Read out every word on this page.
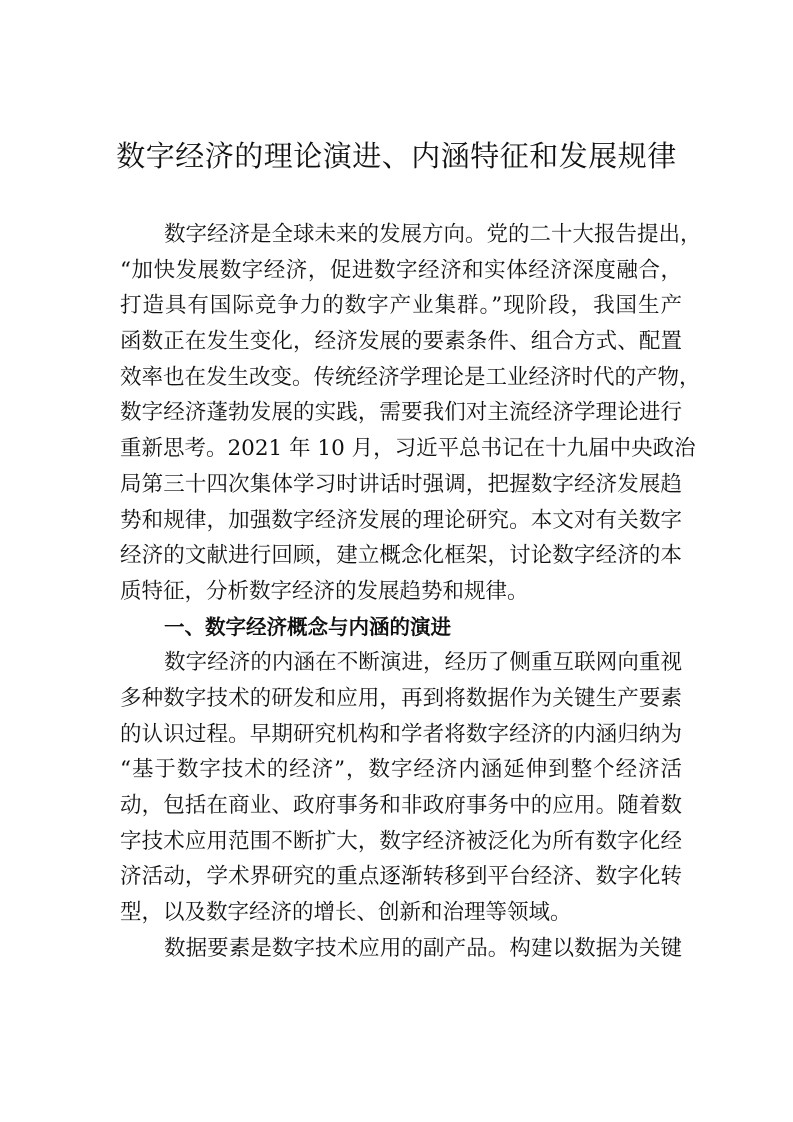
数字经济的理论演进、内涵特征和发展规律
数字经济是全球未来的发展方向。党的二十大报告提出，
“加快发展数字经济，促进数字经济和实体经济深度融合，
打造具有国际竞争力的数字产业集群。”现阶段，我国生产
函数正在发生变化，经济发展的要素条件、组合方式、配置
效率也在发生改变。传统经济学理论是工业经济时代的产物，
数字经济蓬勃发展的实践，需要我们对主流经济学理论进行
重新思考。2021 年 10 月，习近平总书记在十九届中央政治
局第三十四次集体学习时讲话时强调，把握数字经济发展趋
势和规律，加强数字经济发展的理论研究。本文对有关数字
经济的文献进行回顾，建立概念化框架，讨论数字经济的本
质特征，分析数字经济的发展趋势和规律。
一、数字经济概念与内涵的演进
数字经济的内涵在不断演进，经历了侧重互联网向重视
多种数字技术的研发和应用，再到将数据作为关键生产要素
的认识过程。早期研究机构和学者将数字经济的内涵归纳为
“基于数字技术的经济”，数字经济内涵延伸到整个经济活
动，包括在商业、政府事务和非政府事务中的应用。随着数
字技术应用范围不断扩大，数字经济被泛化为所有数字化经
济活动，学术界研究的重点逐渐转移到平台经济、数字化转
型，以及数字经济的增长、创新和治理等领域。
数据要素是数字技术应用的副产品。构建以数据为关键
